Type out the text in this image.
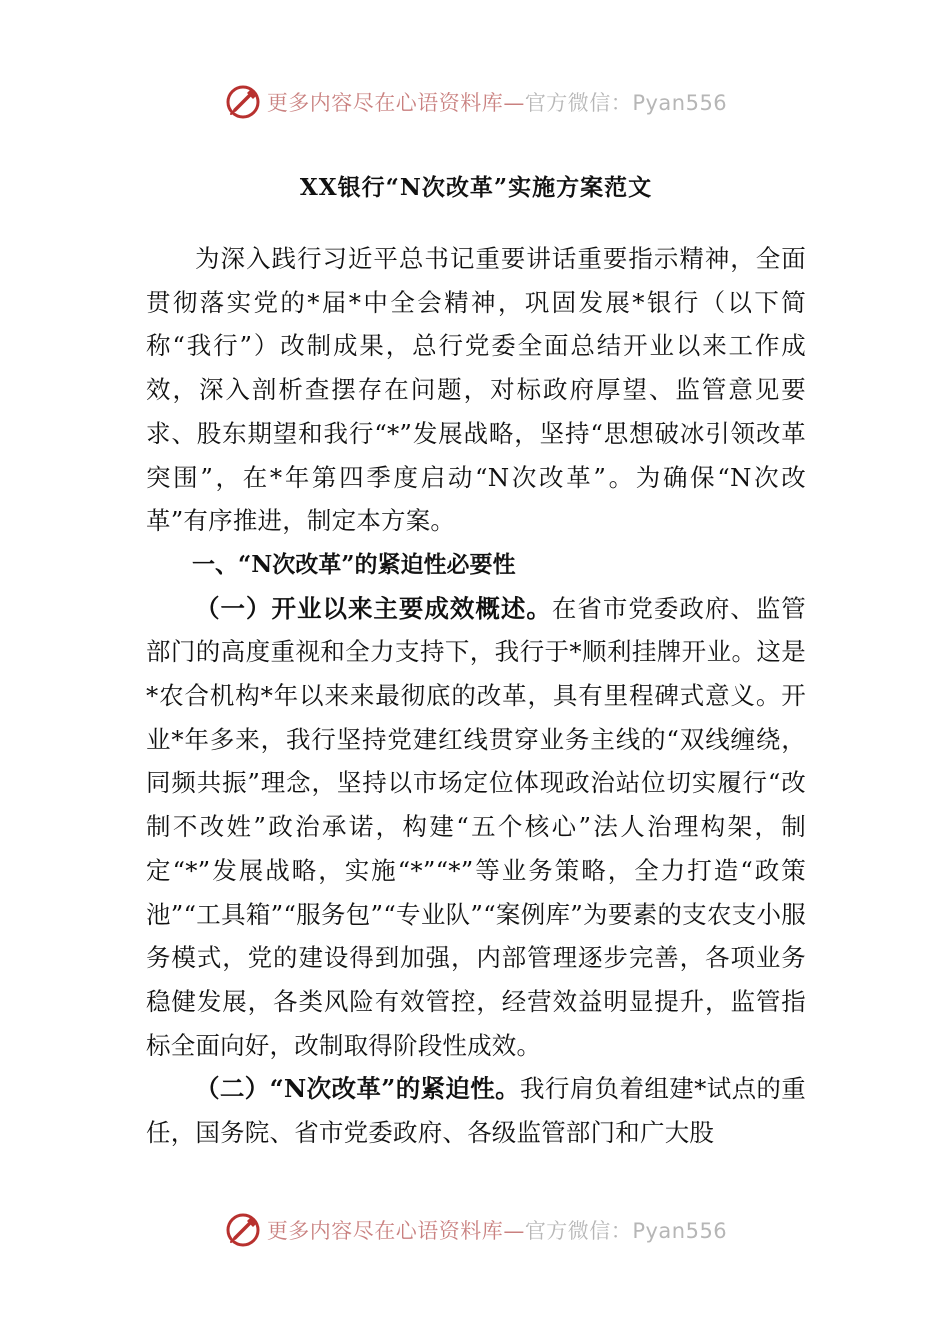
更多内容尽在心语资料库—官方微信：Pyan556
XX银行“N次改革”实施方案范文

为深入践行习近平总书记重要讲话重要指示精神，全面贯彻落实党的*届*中全会精神，巩固发展*银行（以下简称“我行”）改制成果，总行党委全面总结开业以来工作成效，深入剖析查摆存在问题，对标政府厚望、监管意见要求、股东期望和我行“*”发展战略，坚持“思想破冰引领改革突围”，在*年第四季度启动“N次改革”。为确保“N次改革”有序推进，制定本方案。

一、“N次改革”的紧迫性必要性

（一）开业以来主要成效概述。在省市党委政府、监管部门的高度重视和全力支持下，我行于*顺利挂牌开业。这是*农合机构*年以来来最彻底的改革，具有里程碑式意义。开业*年多来，我行坚持党建红线贯穿业务主线的“双线缠绕，同频共振”理念，坚持以市场定位体现政治站位切实履行“改制不改姓”政治承诺，构建“五个核心”法人治理构架，制定“*”发展战略，实施“*”“*”等业务策略，全力打造“政策池”“工具箱”“服务包”“专业队”“案例库”为要素的支农支小服务模式，党的建设得到加强，内部管理逐步完善，各项业务稳健发展，各类风险有效管控，经营效益明显提升，监管指标全面向好，改制取得阶段性成效。

（二）“N次改革”的紧迫性。我行肩负着组建*试点的重任，国务院、省市党委政府、各级监管部门和广大股

更多内容尽在心语资料库—官方微信：Pyan556
